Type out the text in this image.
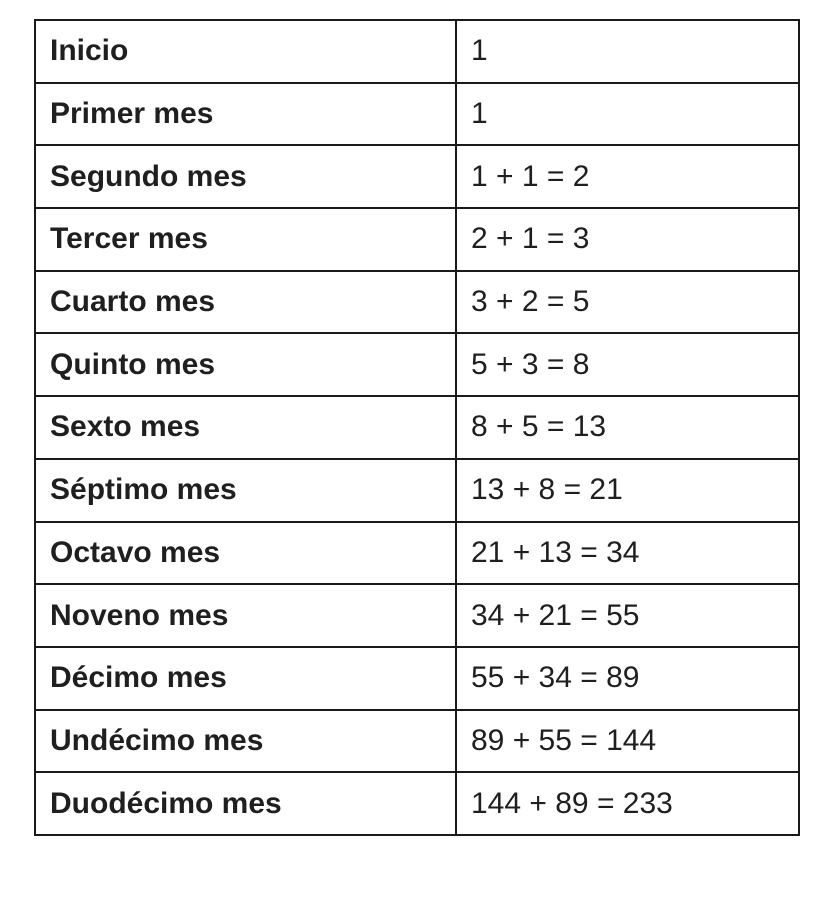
Inicio	1
Primer mes	1
Segundo mes	1 + 1 = 2
Tercer mes	2 + 1 = 3
Cuarto mes	3 + 2 = 5
Quinto mes	5 + 3 = 8
Sexto mes	8 + 5 = 13
Séptimo mes	13 + 8 = 21
Octavo mes	21 + 13 = 34
Noveno mes	34 + 21 = 55
Décimo mes	55 + 34 = 89
Undécimo mes	89 + 55 = 144
Duodécimo mes	144 + 89 = 233
